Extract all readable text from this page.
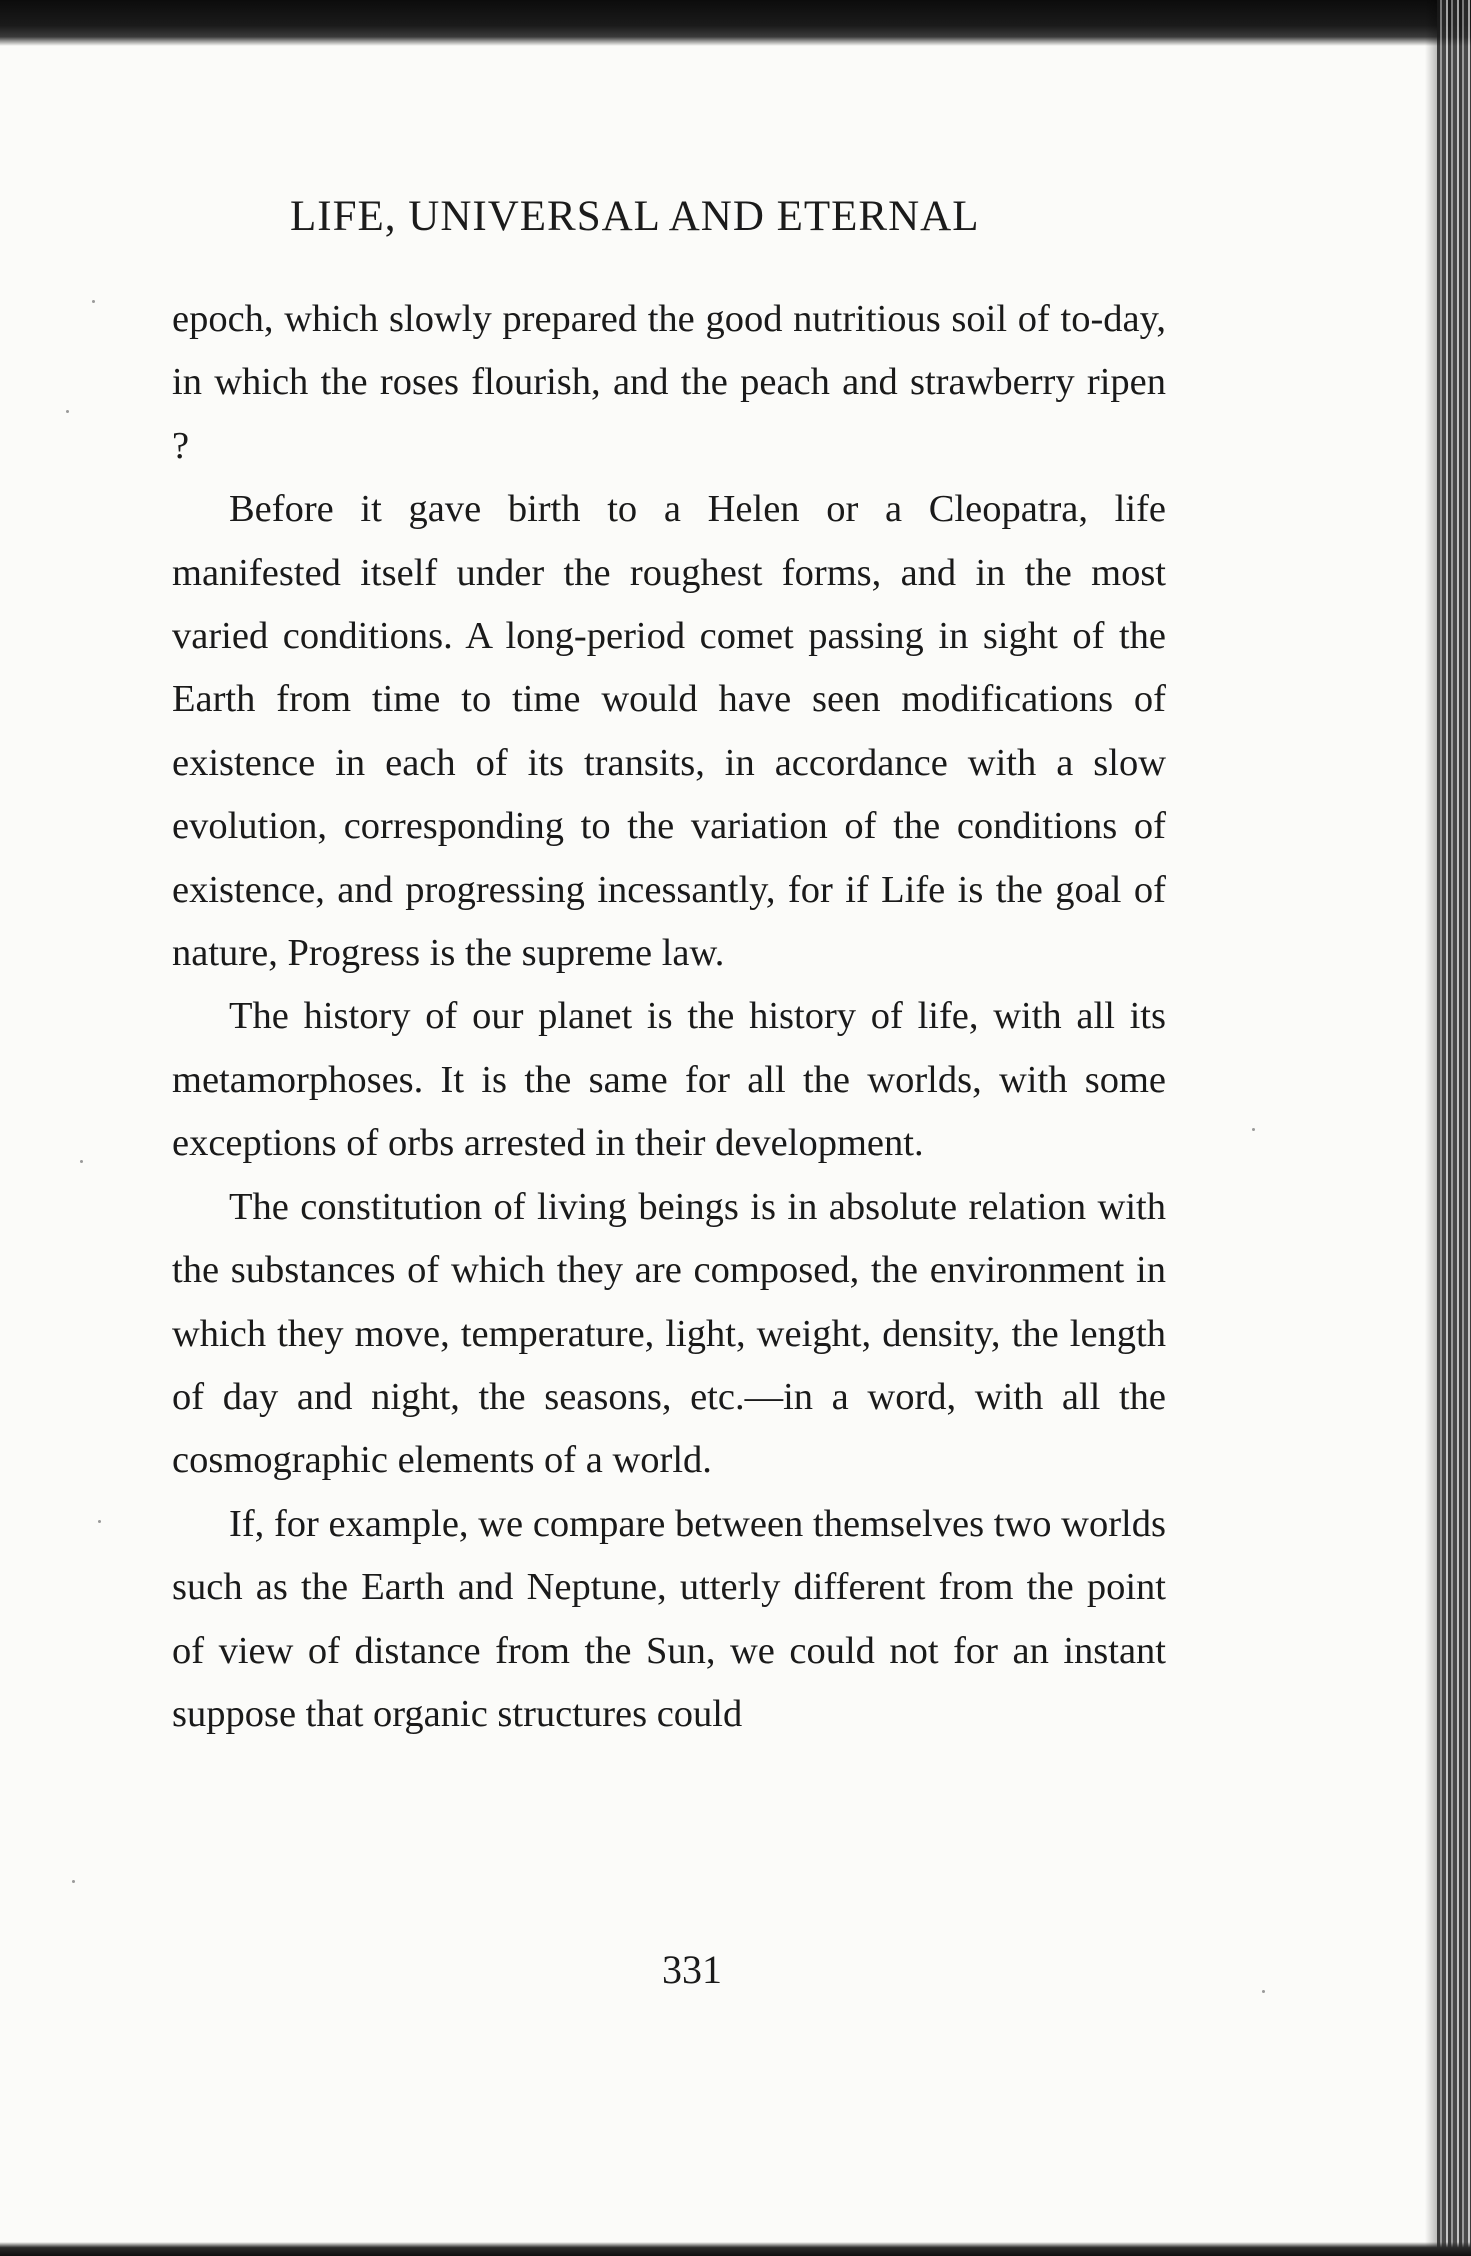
LIFE, UNIVERSAL AND ETERNAL

epoch, which slowly prepared the good nutritious soil of to-day, in which the roses flourish, and the peach and strawberry ripen ?

Before it gave birth to a Helen or a Cleopatra, life manifested itself under the roughest forms, and in the most varied conditions. A long-period comet passing in sight of the Earth from time to time would have seen modifications of existence in each of its transits, in accordance with a slow evolution, corresponding to the variation of the conditions of existence, and progressing incessantly, for if Life is the goal of nature, Progress is the supreme law.

The history of our planet is the history of life, with all its metamorphoses. It is the same for all the worlds, with some exceptions of orbs arrested in their development.

The constitution of living beings is in absolute relation with the substances of which they are composed, the environment in which they move, temperature, light, weight, density, the length of day and night, the seasons, etc.—in a word, with all the cosmographic elements of a world.

If, for example, we compare between themselves two worlds such as the Earth and Neptune, utterly different from the point of view of distance from the Sun, we could not for an instant suppose that organic structures could

331
